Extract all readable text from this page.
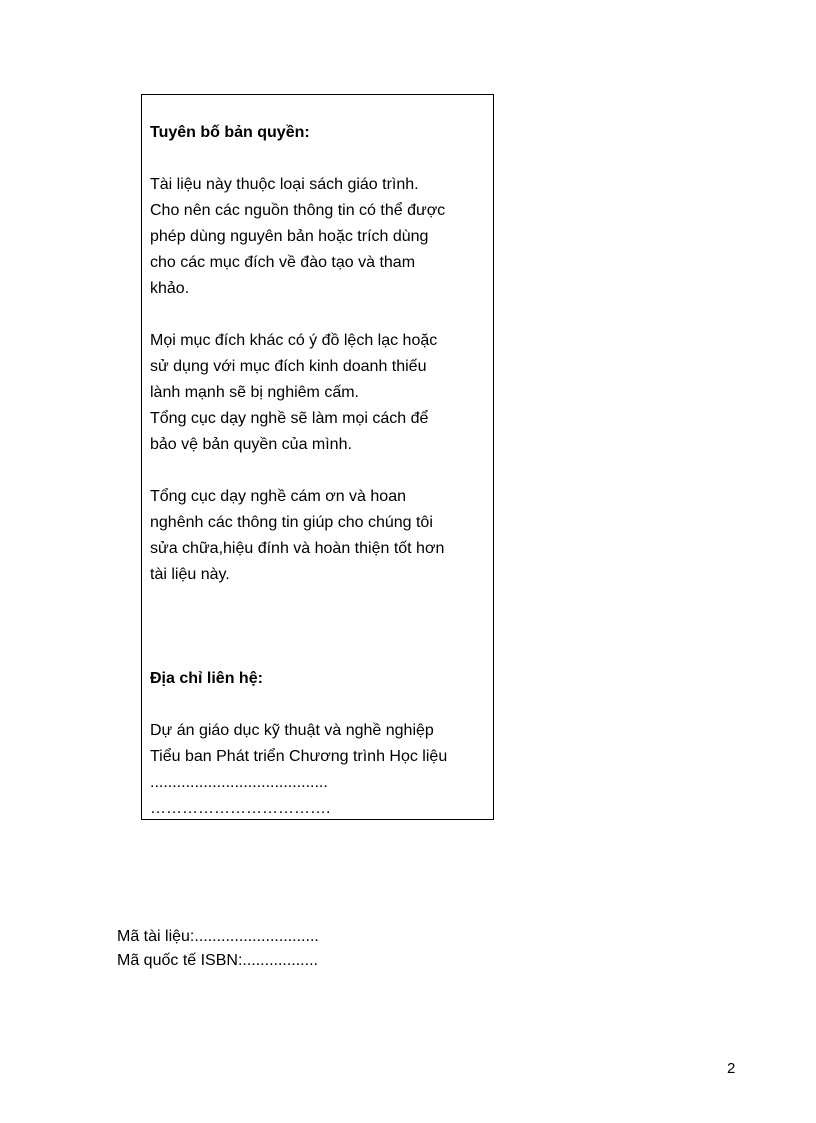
Tuyên bố bản quyền:

Tài liệu này thuộc loại sách giáo trình.
Cho nên các nguồn thông tin có thể được
phép dùng nguyên bản hoặc trích dùng
cho các mục đích về đào tạo và tham
khảo.

Mọi mục đích khác có ý đồ lệch lạc hoặc
sử dụng với mục đích kinh doanh thiếu
lành mạnh sẽ bị nghiêm cấm.
Tổng cục dạy nghề sẽ làm mọi cách để
bảo vệ bản quyền của mình.

Tổng cục dạy nghề cám ơn và hoan
nghênh các thông tin giúp cho chúng tôi
sửa chữa,hiệu đính và hoàn thiện tốt hơn
tài liệu này.

Địa chỉ liên hệ:

Dự án giáo dục kỹ thuật và nghề nghiệp
Tiểu ban Phát triển Chương trình Học liệu
........................................
…………………………….

Mã tài liệu:............................
Mã quốc tế ISBN:.................
2
